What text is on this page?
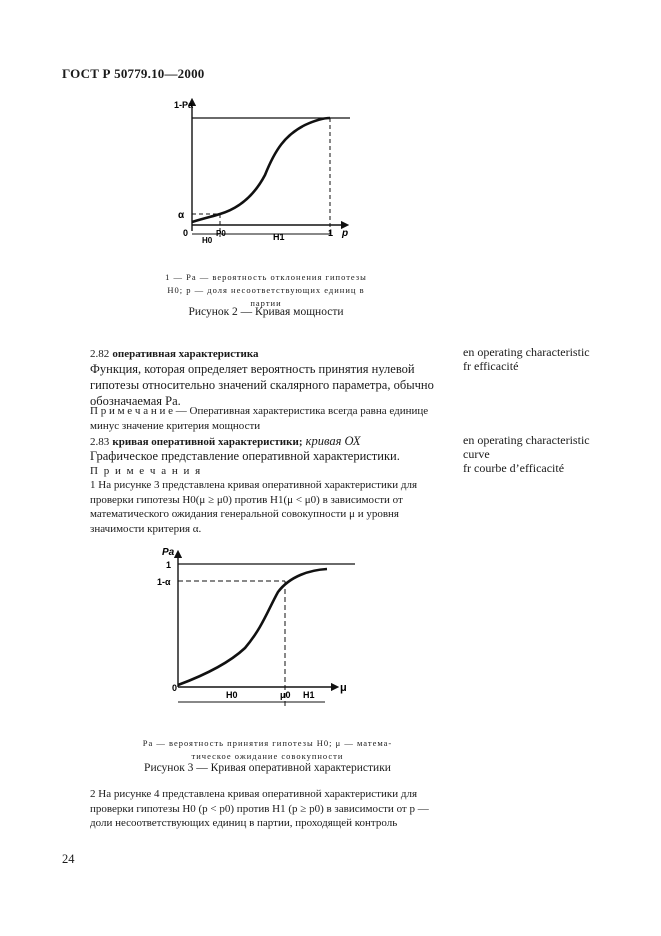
ГОСТ Р 50779.10—2000
1-Pa
α
0	P0
H0	H1	1 p
1 — Pa — вероятность отклонения гипотезы
H0; p — доля несоответствующих единиц в
партии
Рисунок 2 — Кривая мощности
2.82 оперативная характеристика
Функция, которая определяет вероятность принятия нулевой гипотезы относительно значений скалярного параметра, обычно обозначаемая Pa.
П р и м е ч а н и е — Оперативная характеристика всегда равна единице минус значение критерия мощности
en operating characteristic
fr efficacité
2.83 кривая оперативной характеристики; кривая ОХ
Графическое представление оперативной характеристики.
П р и м е ч а н и я
1 На рисунке 3 представлена кривая оперативной характеристики для проверки гипотезы H0(μ ≥ μ0) против H1(μ < μ0) в зависимости от математического ожидания генеральной совокупности μ и уровня значимости критерия α.
en operating characteristic
curve
fr courbe d’efficacité
Pa
1
1-α
0
H0	μ0 H1
μ
Pa — вероятность принятия гипотезы H0; μ — матема-
тическое ожидание совокупности
Рисунок 3 — Кривая оперативной характеристики
2 На рисунке 4 представлена кривая оперативной характеристики для проверки гипотезы H0 (p < p0) против H1 (p ≥ p0) в зависимости от p — доли несоответствующих единиц в партии, проходящей контроль
24
